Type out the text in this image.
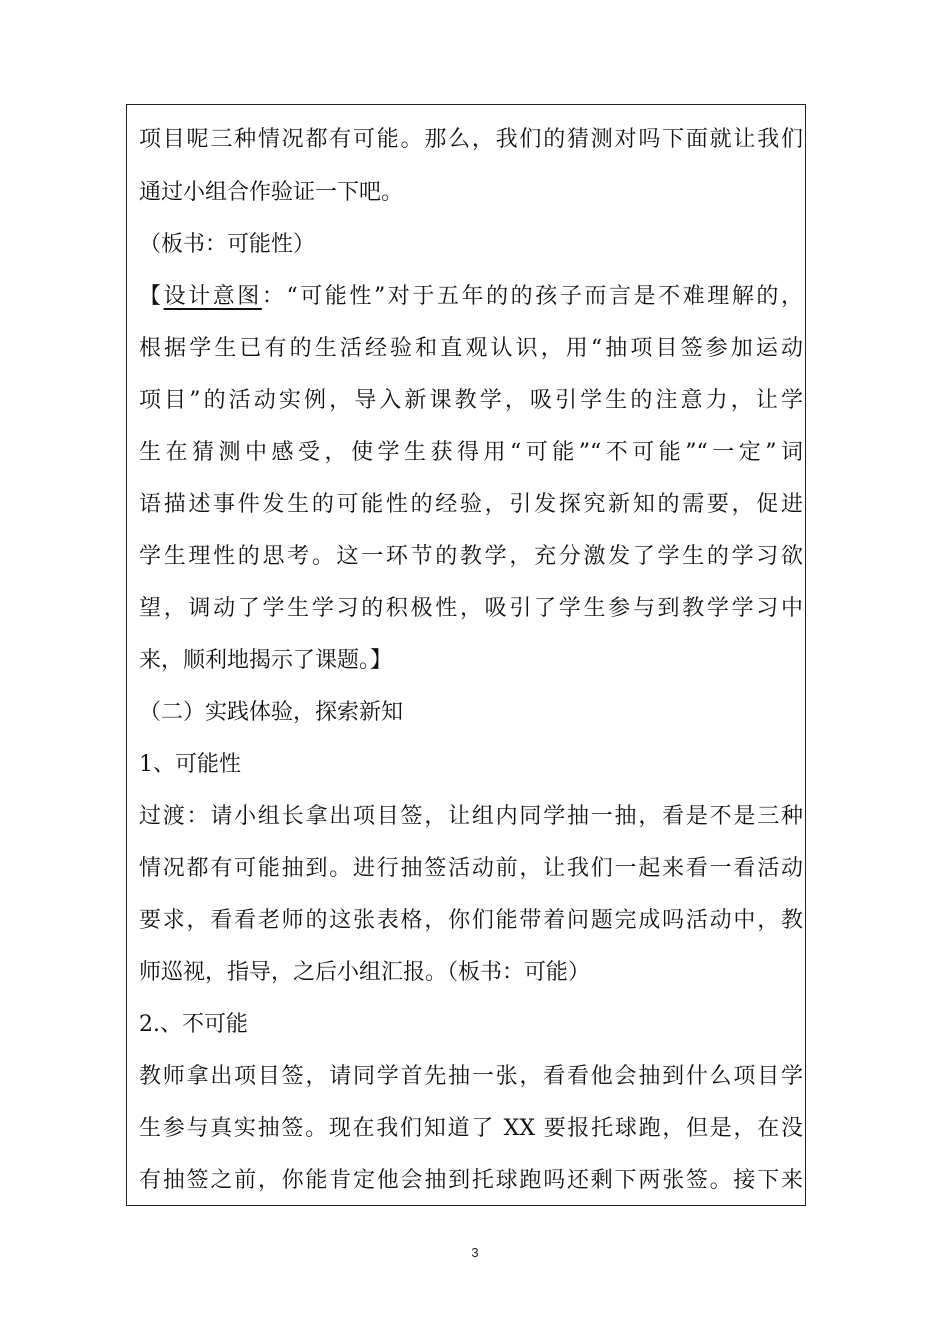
项目呢三种情况都有可能。那么，我们的猜测对吗下面就让我们
通过小组合作验证一下吧。
（板书：可能性）
【设计意图：“可能性”对于五年的的孩子而言是不难理解的，
根据学生已有的生活经验和直观认识，用“抽项目签参加运动
项目”的活动实例，导入新课教学，吸引学生的注意力，让学
生在猜测中感受，使学生获得用“可能”“不可能”“一定”词
语描述事件发生的可能性的经验，引发探究新知的需要，促进
学生理性的思考。这一环节的教学，充分激发了学生的学习欲
望，调动了学生学习的积极性，吸引了学生参与到教学学习中
来，顺利地揭示了课题。】
（二）实践体验，探索新知
1、可能性
过渡：请小组长拿出项目签，让组内同学抽一抽，看是不是三种
情况都有可能抽到。进行抽签活动前，让我们一起来看一看活动
要求，看看老师的这张表格，你们能带着问题完成吗活动中，教
师巡视，指导，之后小组汇报。（板书：可能）
2.、不可能
教师拿出项目签，请同学首先抽一张，看看他会抽到什么项目学
生参与真实抽签。现在我们知道了 XX 要报托球跑，但是，在没
有抽签之前，你能肯定他会抽到托球跑吗还剩下两张签。接下来
3
